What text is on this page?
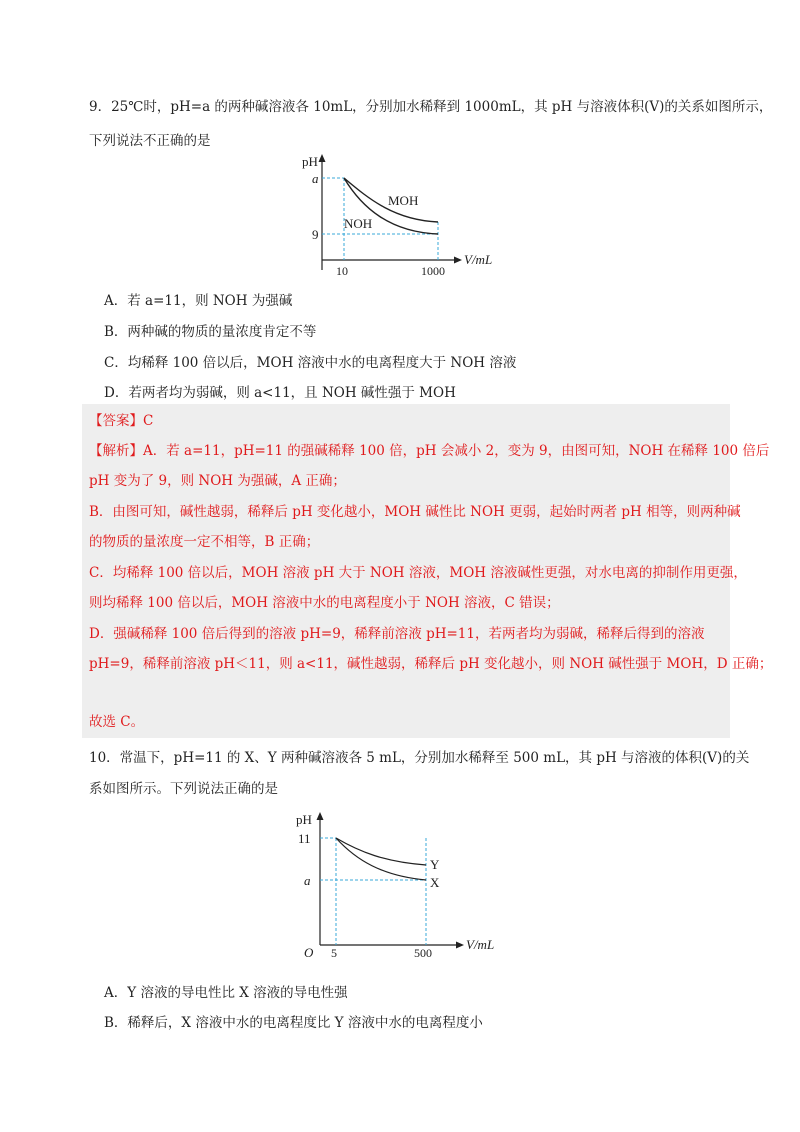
9．25℃时，pH=a 的两种碱溶液各 10mL，分别加水稀释到 1000mL，其 pH 与溶液体积(V)的关系如图所示，
下列说法不正确的是
pH
a
9
10	1000
V/mL
MOH
NOH
A．若 a=11，则 NOH 为强碱
B．两种碱的物质的量浓度肯定不等
C．均稀释 100 倍以后，MOH 溶液中水的电离程度大于 NOH 溶液
D．若两者均为弱碱，则 a<11，且 NOH 碱性强于 MOH
【答案】C
【解析】A．若 a=11，pH=11 的强碱稀释 100 倍，pH 会减小 2，变为 9，由图可知，NOH 在稀释 100 倍后
pH 变为了 9，则 NOH 为强碱，A 正确；
B．由图可知，碱性越弱，稀释后 pH 变化越小，MOH 碱性比 NOH 更弱，起始时两者 pH 相等，则两种碱
的物质的量浓度一定不相等，B 正确；
C．均稀释 100 倍以后，MOH 溶液 pH 大于 NOH 溶液，MOH 溶液碱性更强，对水电离的抑制作用更强，
则均稀释 100 倍以后，MOH 溶液中水的电离程度小于 NOH 溶液，C 错误；
D．强碱稀释 100 倍后得到的溶液 pH=9，稀释前溶液 pH=11，若两者均为弱碱，稀释后得到的溶液
pH=9，稀释前溶液 pH＜11，则 a<11，碱性越弱，稀释后 pH 变化越小，则 NOH 碱性强于 MOH，D 正确；
故选 C。
10．常温下，pH=11 的 X、Y 两种碱溶液各 5 mL，分别加水稀释至 500 mL，其 pH 与溶液的体积(V)的关
系如图所示。下列说法正确的是
pH
11
a
O 5	500
V/mL
Y
X
A．Y 溶液的导电性比 X 溶液的导电性强
B．稀释后，X 溶液中水的电离程度比 Y 溶液中水的电离程度小
